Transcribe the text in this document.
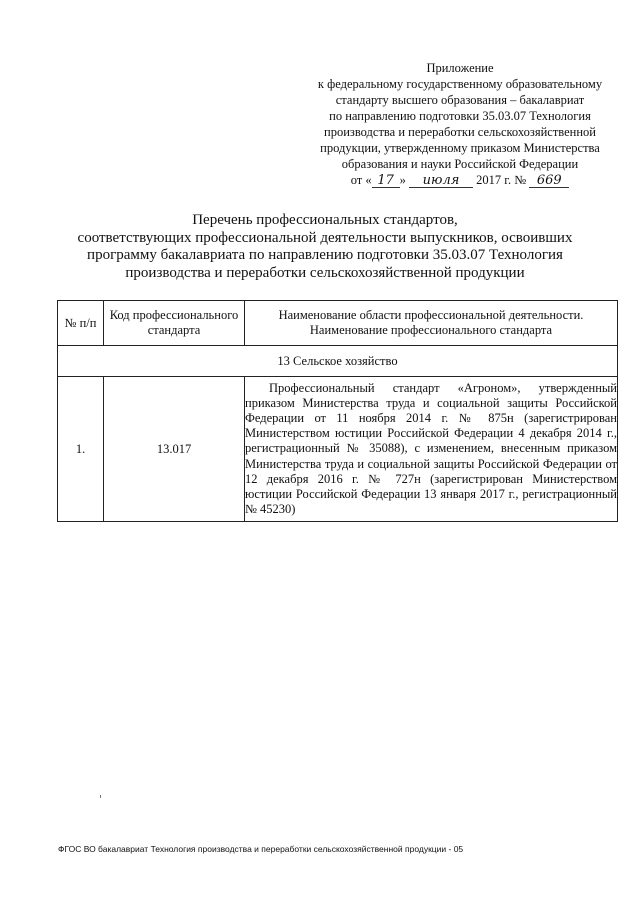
Приложение
к федеральному государственному образовательному
стандарту высшего образования – бакалавриат
по направлению подготовки 35.03.07 Технология
производства и переработки сельскохозяйственной
продукции, утвержденному приказом Министерства
образования и науки Российской Федерации
от « 17 » июля 2017 г. № 669
Перечень профессиональных стандартов,
соответствующих профессиональной деятельности выпускников, освоивших
программу бакалавриата по направлению подготовки 35.03.07 Технология
производства и переработки сельскохозяйственной продукции
№ п/п	Код профессионального стандарта	Наименование области профессиональной деятельности. Наименование профессионального стандарта
13 Сельское хозяйство		
1.	13.017	Профессиональный стандарт «Агроном», утвержденный приказом Министерства труда и социальной защиты Российской Федерации от 11 ноября 2014 г. № 875н (зарегистрирован Министерством юстиции Российской Федерации 4 декабря 2014 г., регистрационный № 35088), с изменением, внесенным приказом Министерства труда и социальной защиты Российской Федерации от 12 декабря 2016 г. № 727н (зарегистрирован Министерством юстиции Российской Федерации 13 января 2017 г., регистрационный № 45230)
ФГОС ВО бакалавриат Технология производства и переработки сельскохозяйственной продукции - 05
